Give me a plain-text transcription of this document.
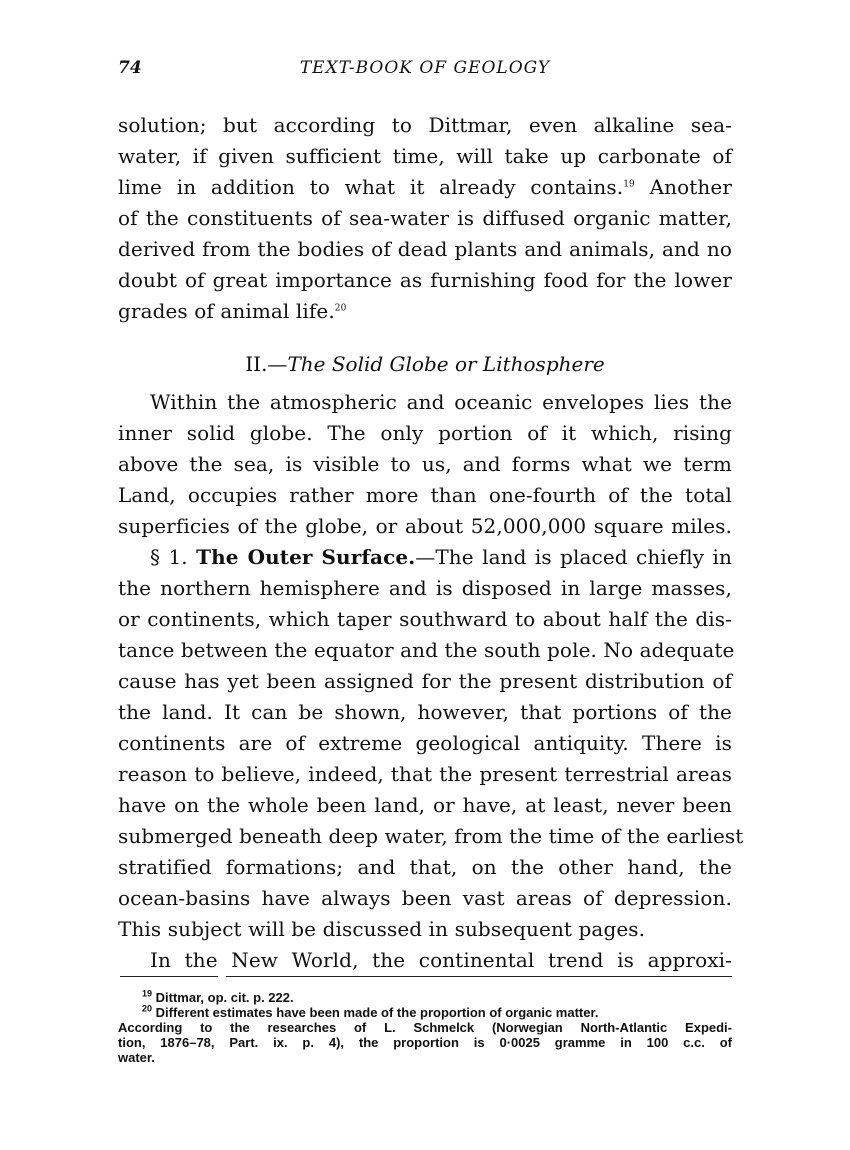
74	TEXT-BOOK OF GEOLOGY
solution; but according to Dittmar, even alkaline sea-
water, if given sufficient time, will take up carbonate of
lime in addition to what it already contains.$^{19}$ Another
of the constituents of sea-water is diffused organic matter,
derived from the bodies of dead plants and animals, and no
doubt of great importance as furnishing food for the lower
grades of animal life.$^{20}$
II.—The Solid Globe or Lithosphere
Within the atmospheric and oceanic envelopes lies the
inner solid globe. The only portion of it which, rising
above the sea, is visible to us, and forms what we term
Land, occupies rather more than one-fourth of the total
superficies of the globe, or about 52,000,000 square miles.
§ 1. The Outer Surface.—The land is placed chiefly in
the northern hemisphere and is disposed in large masses,
or continents, which taper southward to about half the dis-
tance between the equator and the south pole. No adequate
cause has yet been assigned for the present distribution of
the land. It can be shown, however, that portions of the
continents are of extreme geological antiquity. There is
reason to believe, indeed, that the present terrestrial areas
have on the whole been land, or have, at least, never been
submerged beneath deep water, from the time of the earliest
stratified formations; and that, on the other hand, the
ocean-basins have always been vast areas of depression.
This subject will be discussed in subsequent pages.
In the New World, the continental trend is approxi-
$^{19}$ Dittmar, op. cit. p. 222.
$^{20}$ Different estimates have been made of the proportion of organic matter.
According to the researches of L. Schmelck (Norwegian North-Atlantic Expedi-
tion, 1876–78, Part. ix. p. 4), the proportion is 0·0025 gramme in 100 c.c. of
water.
